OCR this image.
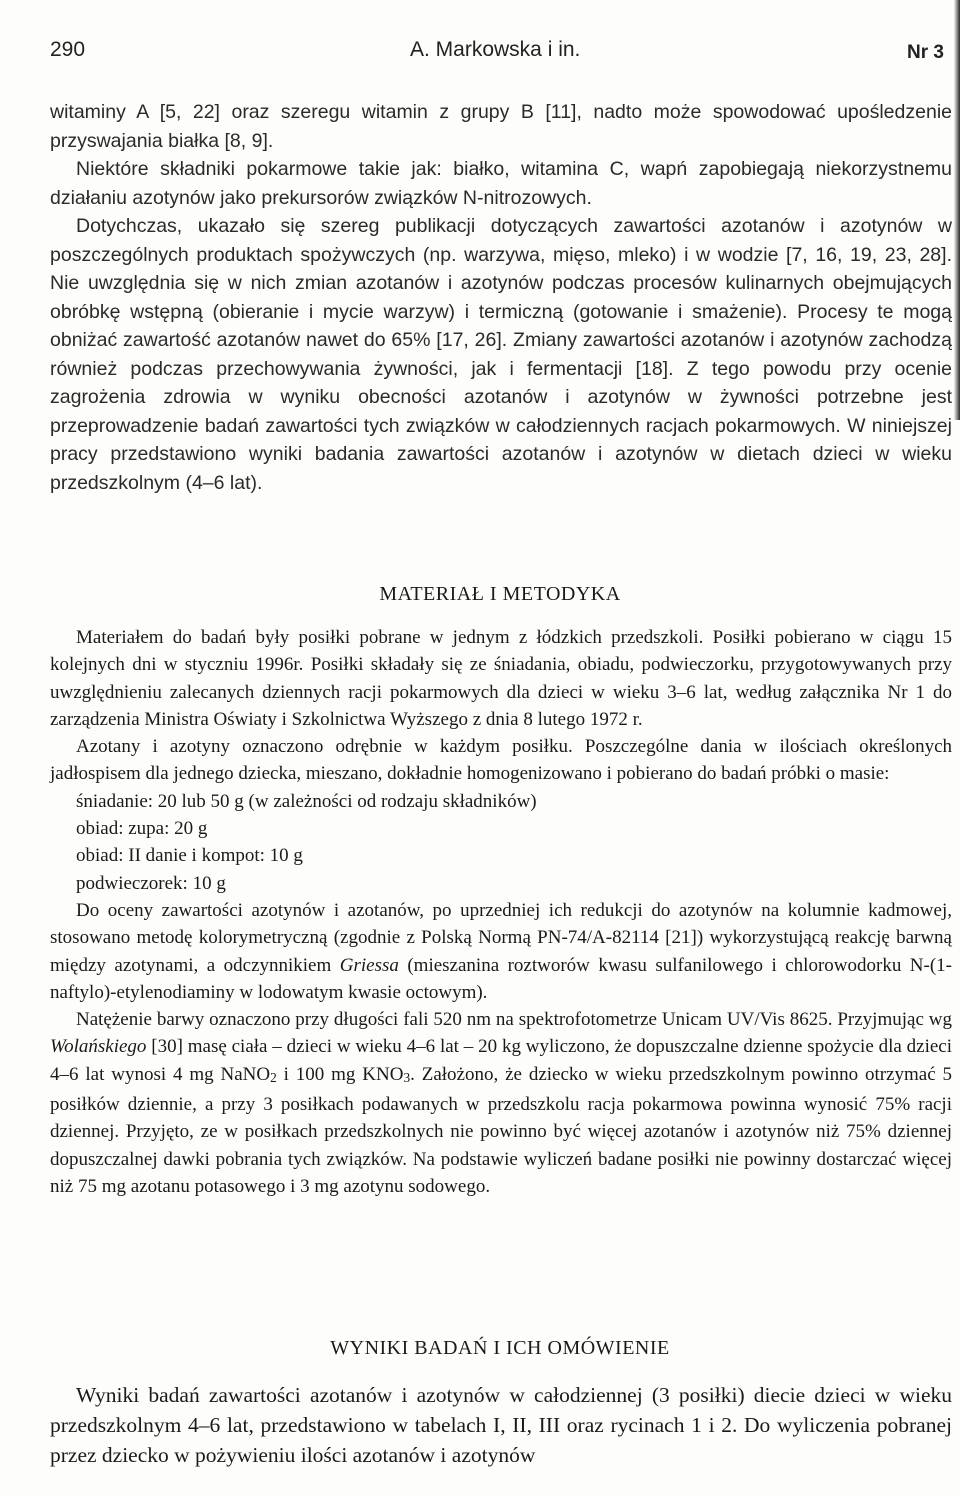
290	A. Markowska i in.	Nr 3

witaminy A [5, 22] oraz szeregu witamin z grupy B [11], nadto może spowodować upośledzenie przyswajania białka [8, 9].

Niektóre składniki pokarmowe takie jak: białko, witamina C, wapń zapobiegają niekorzystnemu działaniu azotynów jako prekursorów związków N-nitrozowych.

Dotychczas, ukazało się szereg publikacji dotyczących zawartości azotanów i azotynów w poszczególnych produktach spożywczych (np. warzywa, mięso, mleko) i w wodzie [7, 16, 19, 23, 28]. Nie uwzględnia się w nich zmian azotanów i azotynów podczas procesów kulinarnych obejmujących obróbkę wstępną (obieranie i mycie warzyw) i termiczną (gotowanie i smażenie). Procesy te mogą obniżać zawartość azotanów nawet do 65% [17, 26]. Zmiany zawartości azotanów i azotynów zachodzą również podczas przechowywania żywności, jak i fermentacji [18]. Z tego powodu przy ocenie zagrożenia zdrowia w wyniku obecności azotanów i azotynów w żywności potrzebne jest przeprowadzenie badań zawartości tych związków w całodziennych racjach pokarmowych. W niniejszej pracy przedstawiono wyniki badania zawartości azotanów i azotynów w dietach dzieci w wieku przedszkolnym (4–6 lat).

MATERIAŁ I METODYKA

Materiałem do badań były posiłki pobrane w jednym z łódzkich przedszkoli. Posiłki pobierano w ciągu 15 kolejnych dni w styczniu 1996r. Posiłki składały się ze śniadania, obiadu, podwieczorku, przygotowywanych przy uwzględnieniu zalecanych dziennych racji pokarmowych dla dzieci w wieku 3–6 lat, według załącznika Nr 1 do zarządzenia Ministra Oświaty i Szkolnictwa Wyższego z dnia 8 lutego 1972 r.

Azotany i azotyny oznaczono odrębnie w każdym posiłku. Poszczególne dania w ilościach określonych jadłospisem dla jednego dziecka, mieszano, dokładnie homogenizowano i pobierano do badań próbki o masie:

śniadanie: 20 lub 50 g (w zależności od rodzaju składników)

obiad: zupa: 20 g

obiad: II danie i kompot: 10 g

podwieczorek: 10 g

Do oceny zawartości azotynów i azotanów, po uprzedniej ich redukcji do azotynów na kolumnie kadmowej, stosowano metodę kolorymetryczną (zgodnie z Polską Normą PN-74/A-82114 [21]) wykorzystującą reakcję barwną między azotynami, a odczynnikiem Griessa (mieszanina roztworów kwasu sulfanilowego i chlorowodorku N-(1-naftylo)-etylenodiaminy w lodowatym kwasie octowym).

Natężenie barwy oznaczono przy długości fali 520 nm na spektrofotometrze Unicam UV/Vis 8625. Przyjmując wg Wolańskiego [30] masę ciała – dzieci w wieku 4–6 lat – 20 kg wyliczono, że dopuszczalne dzienne spożycie dla dzieci 4–6 lat wynosi 4 mg NaNO$_2$ i 100 mg $KNO_3$. Założono, że dziecko w wieku przedszkolnym powinno otrzymać 5 posiłków dziennie, a przy 3 posiłkach podawanych w przedszkolu racja pokarmowa powinna wynosić 75% racji dziennej. Przyjęto, ze w posiłkach przedszkolnych nie powinno być więcej azotanów i azotynów niż 75% dziennej dopuszczalnej dawki pobrania tych związków. Na podstawie wyliczeń badane posiłki nie powinny dostarczać więcej niż 75 mg azotanu potasowego i 3 mg azotynu sodowego.

WYNIKI BADAŃ I ICH OMÓWIENIE

Wyniki badań zawartości azotanów i azotynów w całodziennej (3 posiłki) diecie dzieci w wieku przedszkolnym 4–6 lat, przedstawiono w tabelach I, II, III oraz rycinach 1 i 2. Do wyliczenia pobranej przez dziecko w pożywieniu ilości azotanów i azotynów
